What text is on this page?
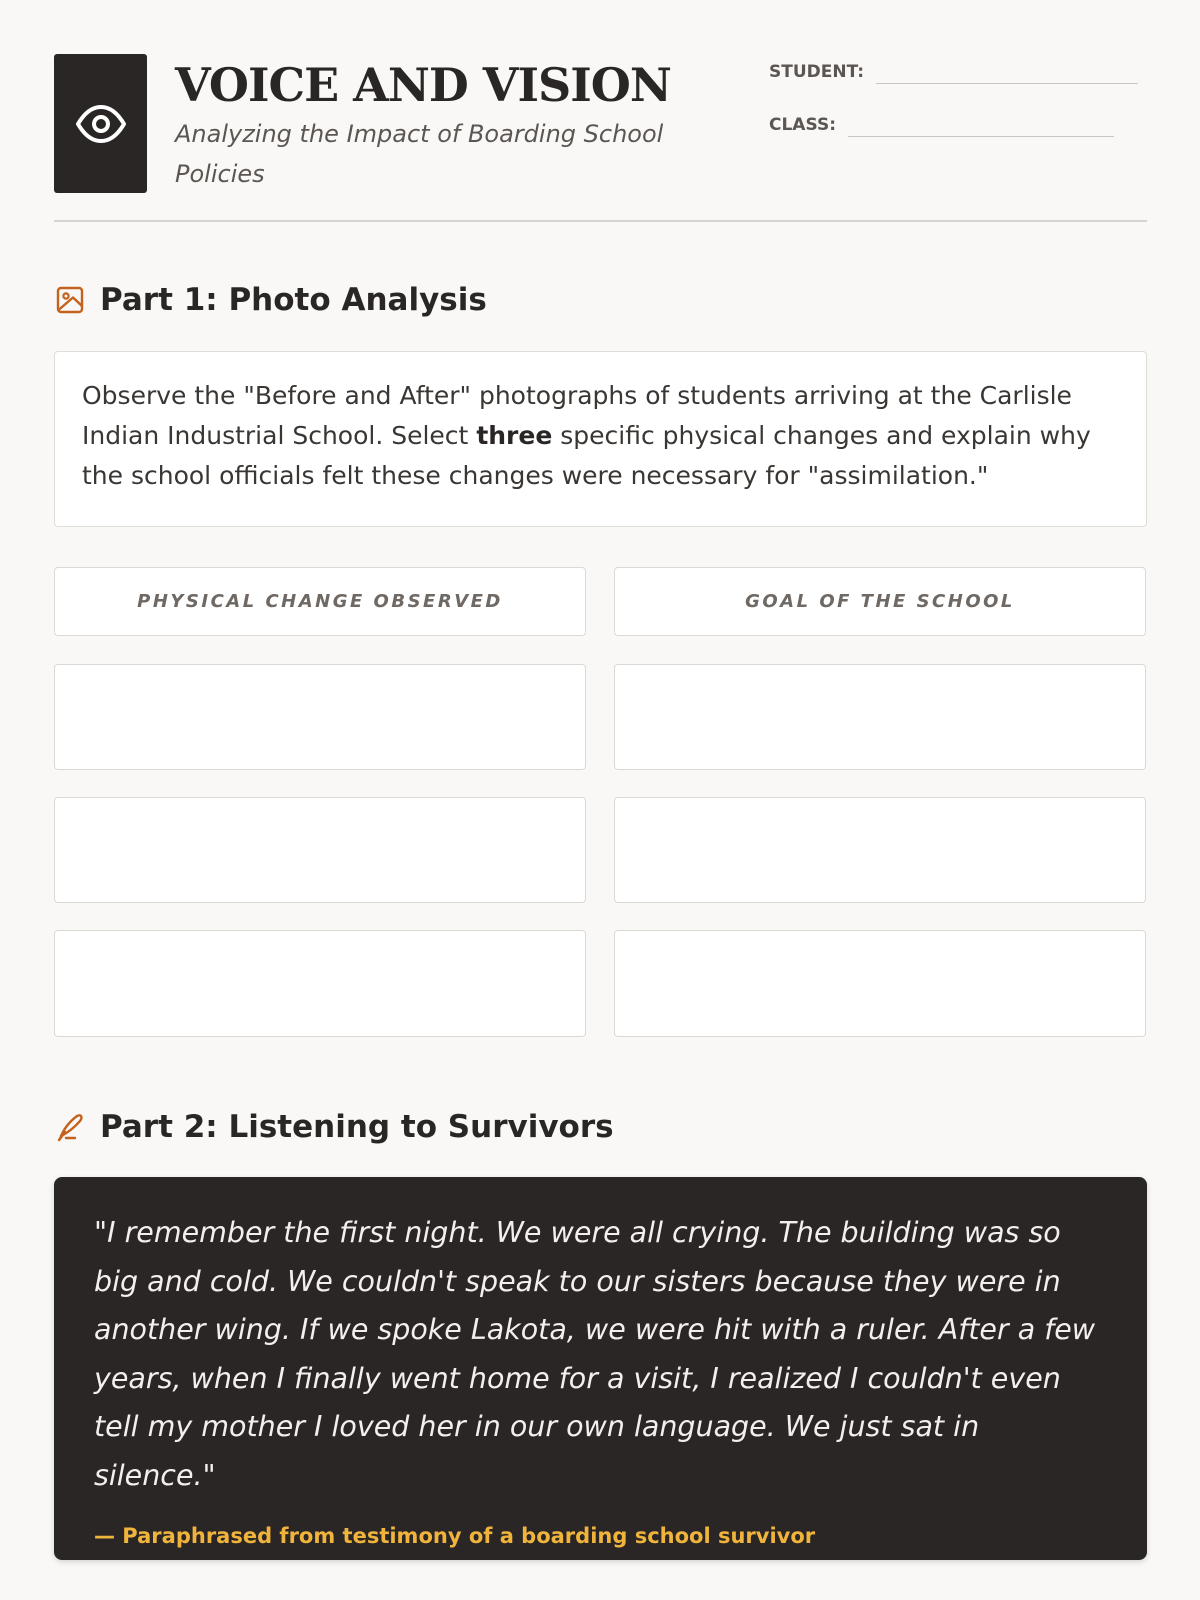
VOICE AND VISION
Analyzing the Impact of Boarding School Policies
STUDENT:
CLASS:
Part 1: Photo Analysis
Observe the "Before and After" photographs of students arriving at the Carlisle Indian Industrial School. Select three specific physical changes and explain why the school officials felt these changes were necessary for "assimilation."
PHYSICAL CHANGE OBSERVED	GOAL OF THE SCHOOL
Part 2: Listening to Survivors

"I remember the first night. We were all crying. The building was so big and cold. We couldn't speak to our sisters because they were in another wing. If we spoke Lakota, we were hit with a ruler. After a few years, when I finally went home for a visit, I realized I couldn't even tell my mother I loved her in our own language. We just sat in silence."

— Paraphrased from testimony of a boarding school survivor
